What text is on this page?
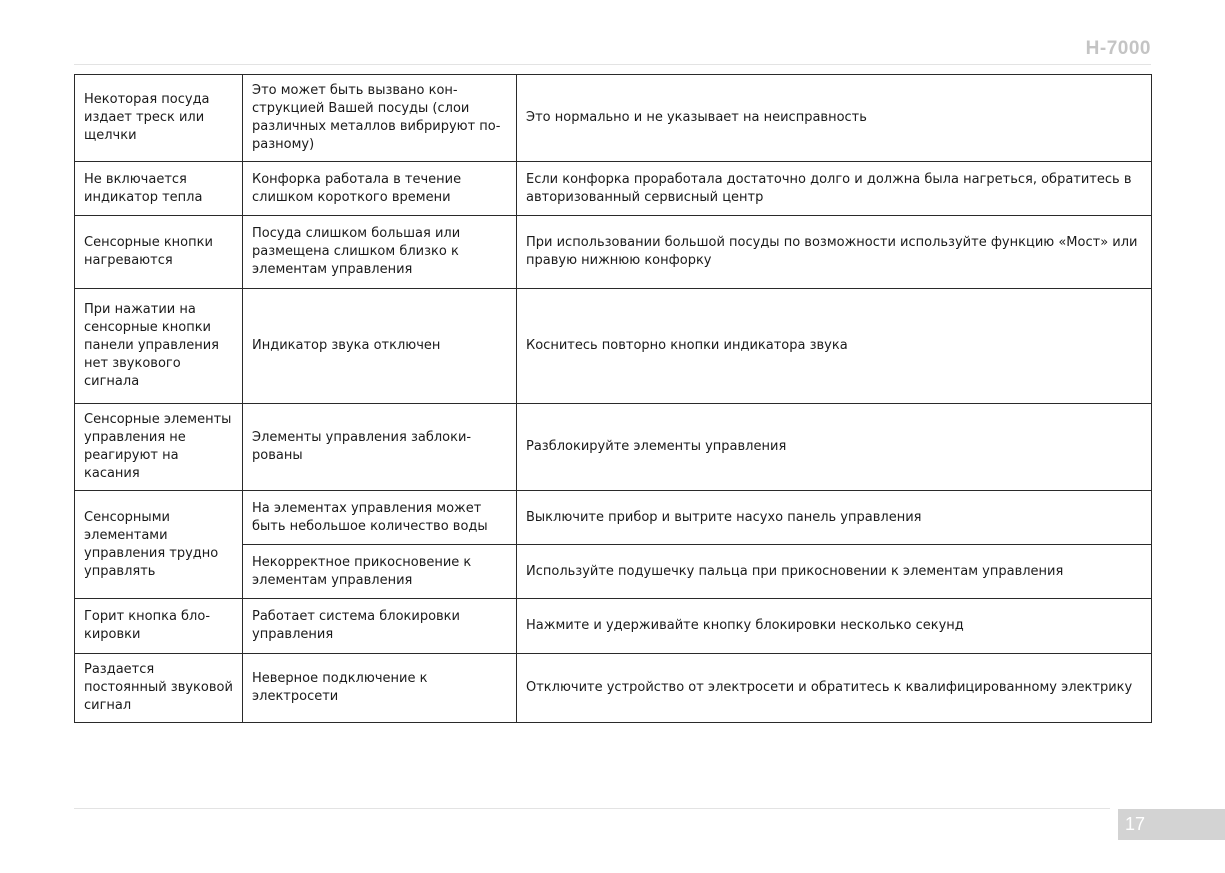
H-7000
Некоторая посуда издает треск или щелчки	Это может быть вызвано конструкцией Вашей посуды (слои различных металлов вибрируют по-разному)	Это нормально и не указывает на неисправность
Не включается индикатор тепла	Конфорка работала в течение слишком короткого времени	Если конфорка проработала достаточно долго и должна была нагреться, обратитесь в авторизованный сервисный центр
Сенсорные кнопки нагреваются	Посуда слишком большая или размещена слишком близко к элементам управления	При использовании большой посуды по возможности используйте функцию «Мост» или правую нижнюю конфорку
При нажатии на сенсорные кнопки панели управления нет звукового сигнала	Индикатор звука отключен	Коснитесь повторно кнопки индикатора звука
Сенсорные элементы управления не реагируют на касания	Элементы управления заблокированы	Разблокируйте элементы управления
Сенсорными элементами управления трудно управлять	На элементах управления может быть небольшое количество воды	Выключите прибор и вытрите насухо панель управления
	Некорректное прикосновение к элементам управления	Используйте подушечку пальца при прикосновении к элементам управления
Горит кнопка блокировки	Работает система блокировки управления	Нажмите и удерживайте кнопку блокировки несколько секунд
Раздается постоянный звуковой сигнал	Неверное подключение к электросети	Отключите устройство от электросети и обратитесь к квалифицированному электрику
17
